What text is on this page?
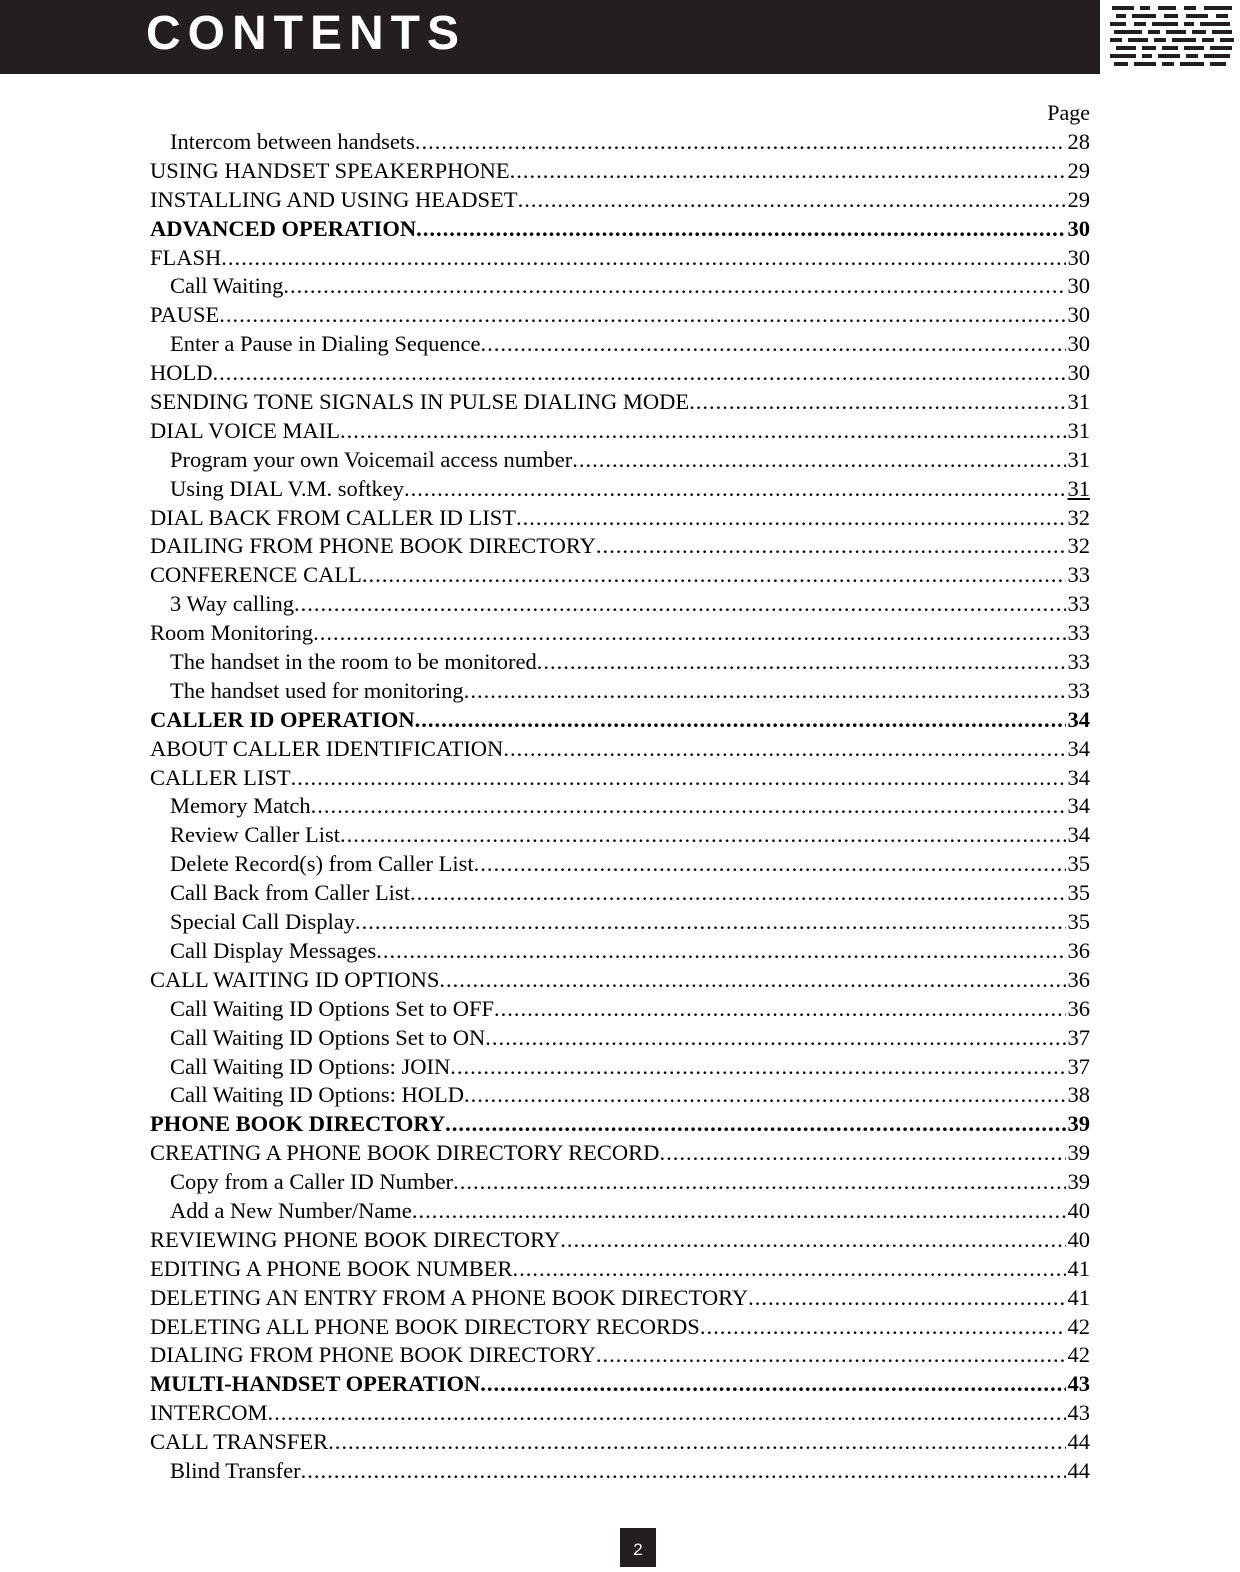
CONTENTS
Page
Intercom between handsets .....	28
USING HANDSET SPEAKERPHONE .....	29
INSTALLING AND USING HEADSET .....	29
ADVANCED OPERATION .....	30
FLASH .....	30
Call Waiting .....	30
PAUSE .....	30
Enter a Pause in Dialing Sequence .....	30
HOLD .....	30
SENDING TONE SIGNALS IN PULSE DIALING MODE .....	31
DIAL VOICE MAIL .....	31
Program your own Voicemail access number .....	31
Using DIAL V.M. softkey .....	31
DIAL BACK FROM CALLER ID LIST .....	32
DAILING FROM PHONE BOOK DIRECTORY .....	32
CONFERENCE CALL .....	33
3 Way calling .....	33
Room Monitoring .....	33
The handset in the room to be monitored .....	33
The handset used for monitoring .....	33
CALLER ID OPERATION .....	34
ABOUT CALLER IDENTIFICATION .....	34
CALLER LIST .....	34
Memory Match .....	34
Review Caller List .....	34
Delete Record(s) from Caller List .....	35
Call Back from Caller List .....	35
Special Call Display .....	35
Call Display Messages .....	36
CALL WAITING ID OPTIONS .....	36
Call Waiting ID Options Set to OFF .....	36
Call Waiting ID Options Set to ON .....	37
Call Waiting ID Options: JOIN .....	37
Call Waiting ID Options: HOLD .....	38
PHONE BOOK DIRECTORY .....	39
CREATING A PHONE BOOK DIRECTORY RECORD .....	39
Copy from a Caller ID Number .....	39
Add a New Number/Name .....	40
REVIEWING PHONE BOOK DIRECTORY .....	40
EDITING A PHONE BOOK NUMBER .....	41
DELETING AN ENTRY FROM A PHONE BOOK DIRECTORY .....	41
DELETING ALL PHONE BOOK DIRECTORY RECORDS .....	42
DIALING FROM PHONE BOOK DIRECTORY .....	42
MULTI-HANDSET OPERATION .....	43
INTERCOM .....	43
CALL TRANSFER .....	44
Blind Transfer .....	44
2
